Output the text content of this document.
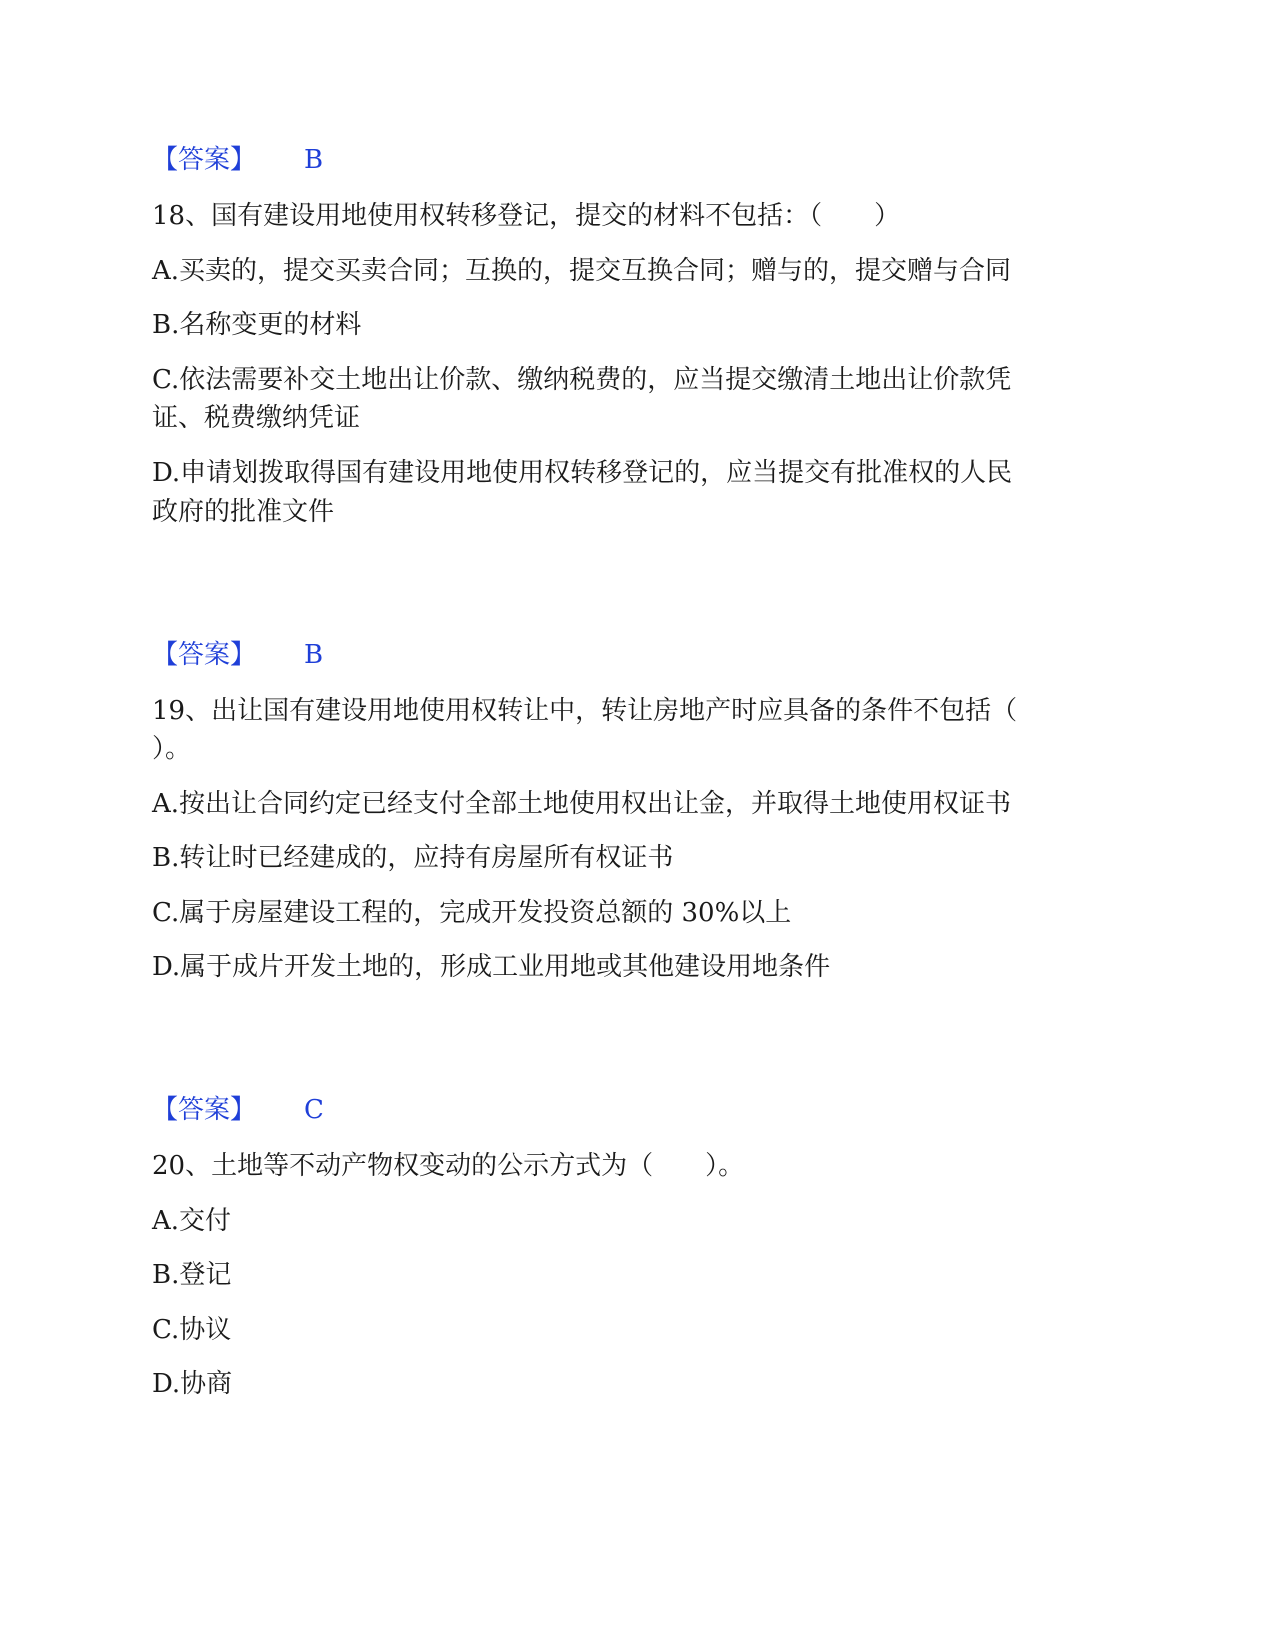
【答案】 B
18、国有建设用地使用权转移登记，提交的材料不包括：（　　）
A.买卖的，提交买卖合同；互换的，提交互换合同；赠与的，提交赠与合同
B.名称变更的材料
C.依法需要补交土地出让价款、缴纳税费的，应当提交缴清土地出让价款凭
证、税费缴纳凭证
D.申请划拨取得国有建设用地使用权转移登记的，应当提交有批准权的人民
政府的批准文件
【答案】 B
19、出让国有建设用地使用权转让中，转让房地产时应具备的条件不包括（
）。
A.按出让合同约定已经支付全部土地使用权出让金，并取得土地使用权证书
B.转让时已经建成的，应持有房屋所有权证书
C.属于房屋建设工程的，完成开发投资总额的 30%以上
D.属于成片开发土地的，形成工业用地或其他建设用地条件
【答案】 C
20、土地等不动产物权变动的公示方式为（　　）。
A.交付
B.登记
C.协议
D.协商
